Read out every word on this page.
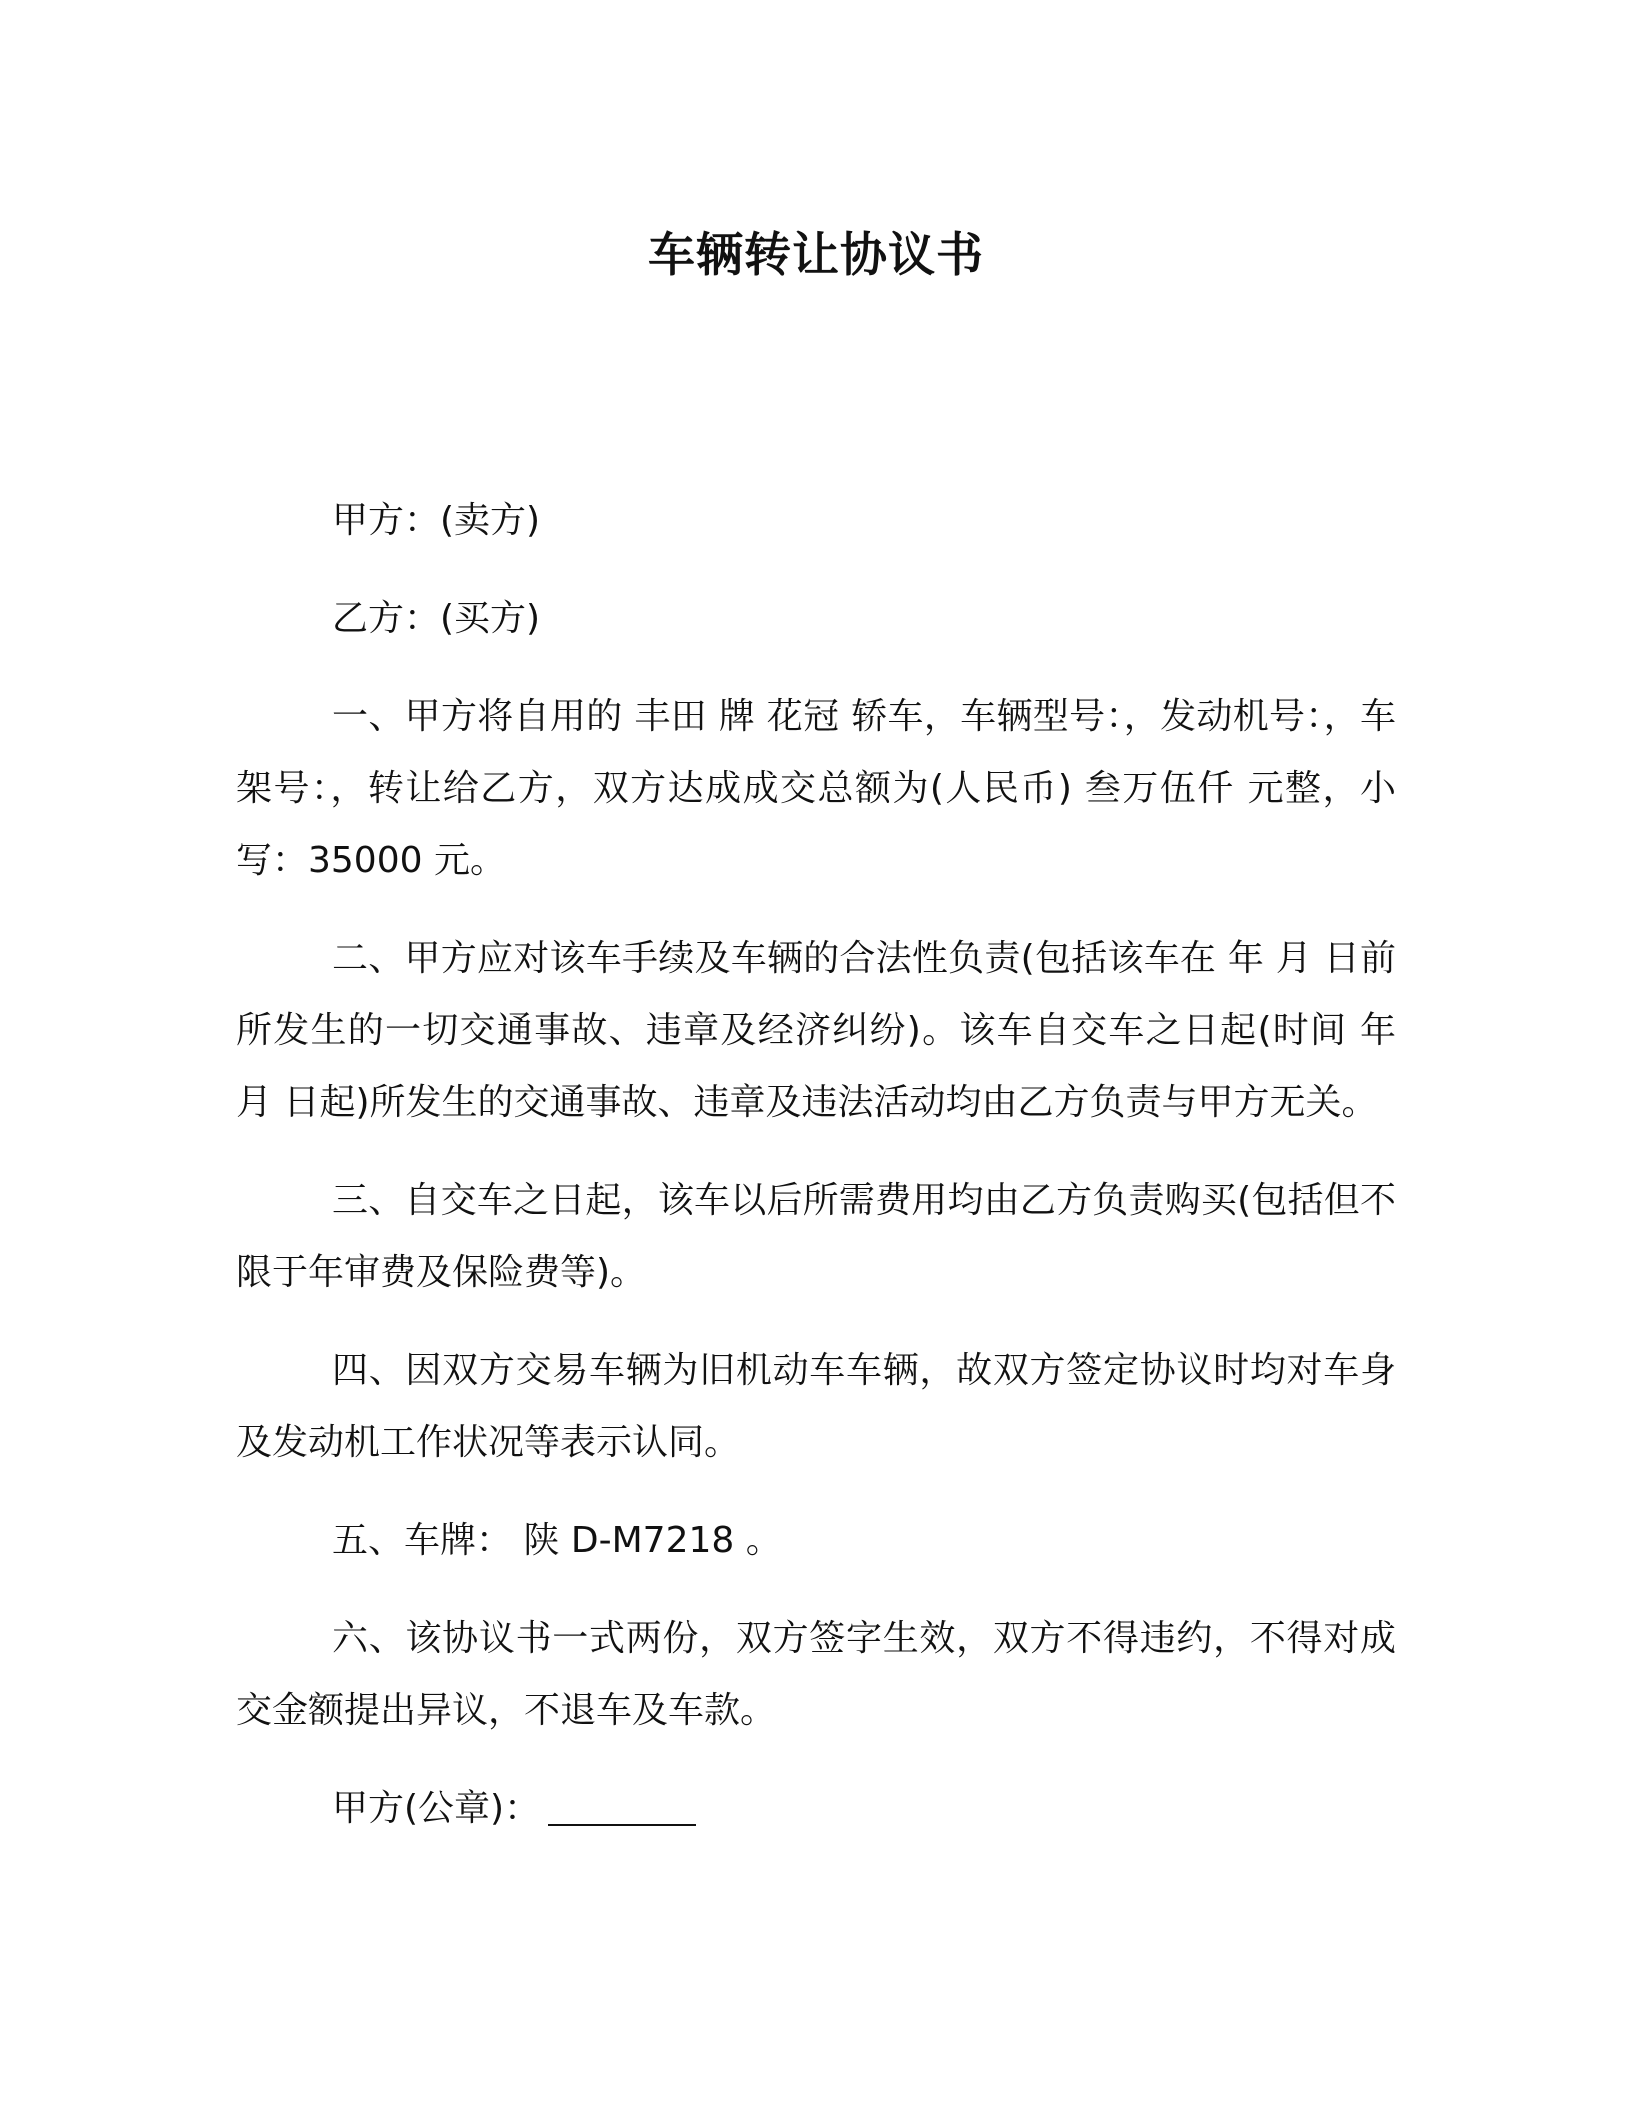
车辆转让协议书

甲方：(卖方)

乙方：(买方)

一、甲方将自用的 丰田 牌 花冠 轿车，车辆型号：，发动机号：，车架号：，转让给乙方，双方达成成交总额为(人民币) 叁万伍仟 元整，小写：35000 元。

二、甲方应对该车手续及车辆的合法性负责(包括该车在 年 月 日前所发生的一切交通事故、违章及经济纠纷)。该车自交车之日起(时间 年 月 日起)所发生的交通事故、违章及违法活动均由乙方负责与甲方无关。

三、自交车之日起，该车以后所需费用均由乙方负责购买(包括但不限于年审费及保险费等)。

四、因双方交易车辆为旧机动车车辆，故双方签定协议时均对车身及发动机工作状况等表示认同。

五、车牌： 陕 D-M7218 。

六、该协议书一式两份，双方签字生效，双方不得违约，不得对成交金额提出异议，不退车及车款。

甲方(公章)：
